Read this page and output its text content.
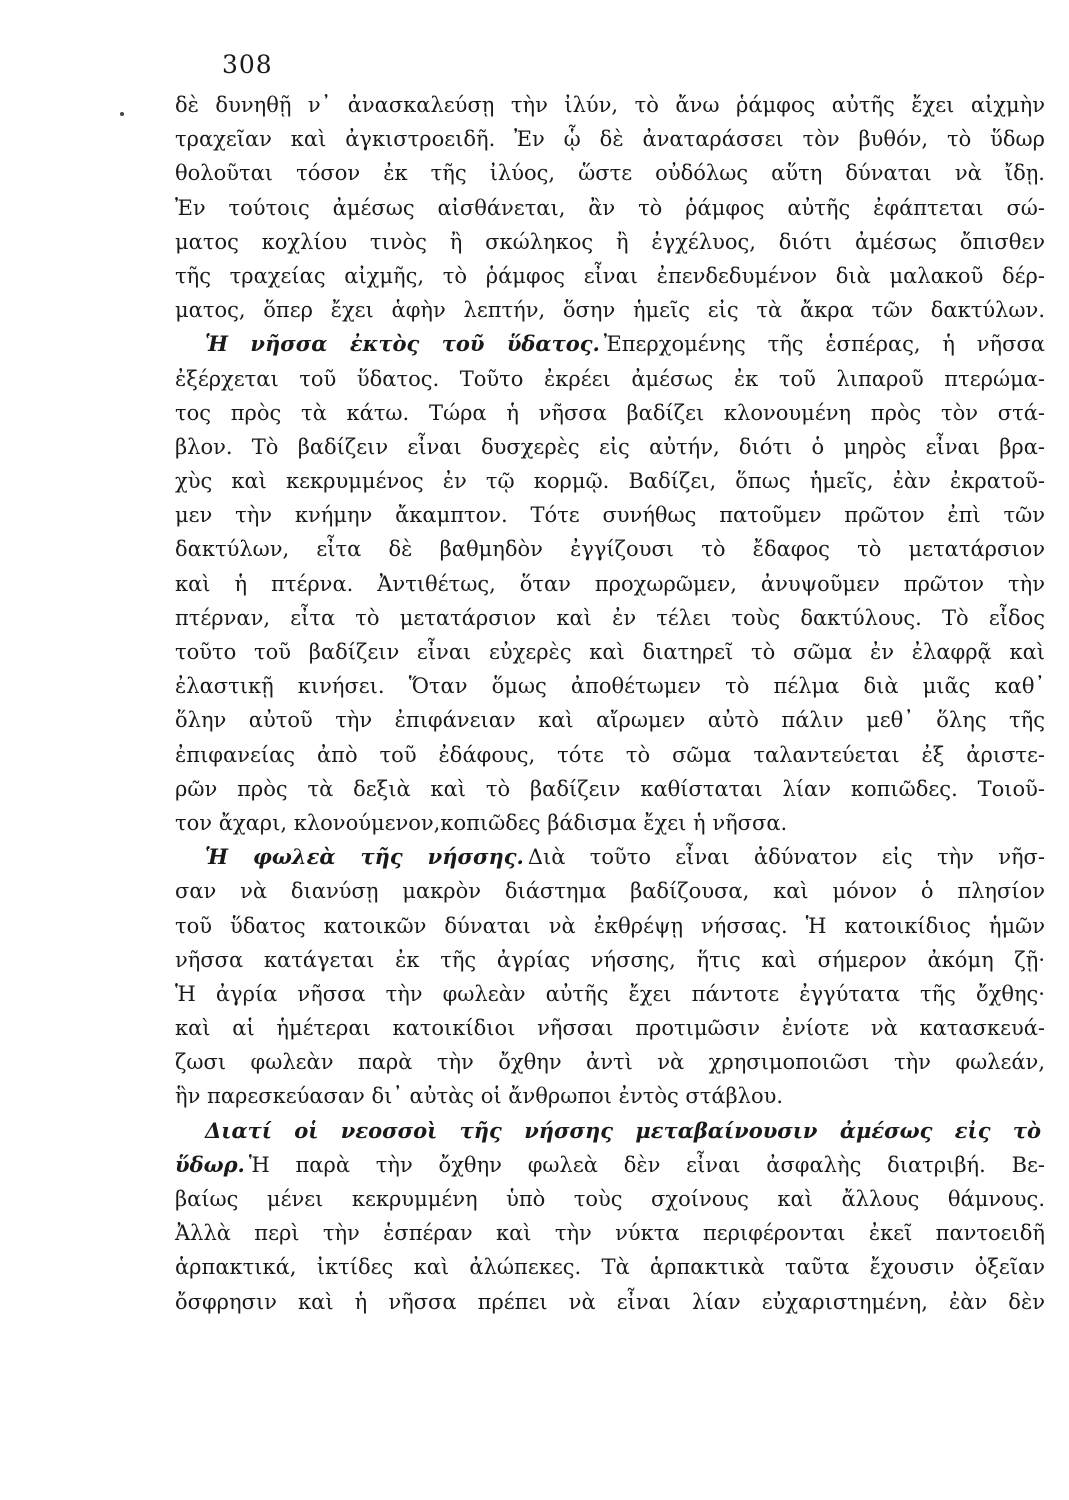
308
δὲ δυνηθῇ ν᾽ ἀνασκαλεύσῃ τὴν ἰλύν, τὸ ἄνω ῥάμφος αὐτῆς ἔχει αἰχμὴν
τραχεῖαν καὶ ἀγκιστροειδῆ. Ἐν ᾧ δὲ ἀναταράσσει τὸν βυθόν, τὸ ὕδωρ
θολοῦται τόσον ἐκ τῆς ἰλύος, ὥστε οὐδόλως αὕτη δύναται νὰ ἴδῃ.
Ἐν τούτοις ἀμέσως αἰσθάνεται, ἂν τὸ ῥάμφος αὐτῆς ἐφάπτεται σώ-
ματος κοχλίου τινὸς ἢ σκώληκος ἢ ἐγχέλυος, διότι ἀμέσως ὄπισθεν
τῆς τραχείας αἰχμῆς, τὸ ῥάμφος εἶναι ἐπενδεδυμένον διὰ μαλακοῦ δέρ-
ματος, ὅπερ ἔχει ἁφὴν λεπτήν, ὅσην ἡμεῖς εἰς τὰ ἄκρα τῶν δακτύλων.
Ἡ νῆσσα ἐκτὸς τοῦ ὕδατος. Ἐπερχομένης τῆς ἑσπέρας, ἡ νῆσσα
ἐξέρχεται τοῦ ὕδατος. Τοῦτο ἐκρέει ἀμέσως ἐκ τοῦ λιπαροῦ πτερώμα-
τος πρὸς τὰ κάτω. Τώρα ἡ νῆσσα βαδίζει κλονουμένη πρὸς τὸν στά-
βλον. Τὸ βαδίζειν εἶναι δυσχερὲς εἰς αὐτήν, διότι ὁ μηρὸς εἶναι βρα-
χὺς καὶ κεκρυμμένος ἐν τῷ κορμῷ. Βαδίζει, ὅπως ἡμεῖς, ἐὰν ἐκρατοῦ-
μεν τὴν κνήμην ἄκαμπτον. Τότε συνήθως πατοῦμεν πρῶτον ἐπὶ τῶν
δακτύλων, εἶτα δὲ βαθμηδὸν ἐγγίζουσι τὸ ἔδαφος τὸ μετατάρσιον
καὶ ἡ πτέρνα. Ἀντιθέτως, ὅταν προχωρῶμεν, ἀνυψοῦμεν πρῶτον τὴν
πτέρναν, εἶτα τὸ μετατάρσιον καὶ ἐν τέλει τοὺς δακτύλους. Τὸ εἶδος
τοῦτο τοῦ βαδίζειν εἶναι εὐχερὲς καὶ διατηρεῖ τὸ σῶμα ἐν ἐλαφρᾷ καὶ
ἐλαστικῇ κινήσει. Ὅταν ὅμως ἀποθέτωμεν τὸ πέλμα διὰ μιᾶς καθ᾽
ὅλην αὐτοῦ τὴν ἐπιφάνειαν καὶ αἴρωμεν αὐτὸ πάλιν μεθ᾽ ὅλης τῆς
ἐπιφανείας ἀπὸ τοῦ ἐδάφους, τότε τὸ σῶμα ταλαντεύεται ἐξ ἀριστε-
ρῶν πρὸς τὰ δεξιὰ καὶ τὸ βαδίζειν καθίσταται λίαν κοπιῶδες. Τοιοῦ-
τον ἄχαρι, κλονούμενον,κοπιῶδες βάδισμα ἔχει ἡ νῆσσα.
Ἡ φωλεὰ τῆς νήσσης. Διὰ τοῦτο εἶναι ἀδύνατον εἰς τὴν νῆσ-
σαν νὰ διανύσῃ μακρὸν διάστημα βαδίζουσα, καὶ μόνον ὁ πλησίον
τοῦ ὕδατος κατοικῶν δύναται νὰ ἐκθρέψῃ νήσσας. Ἡ κατοικίδιος ἡμῶν
νῆσσα κατάγεται ἐκ τῆς ἀγρίας νήσσης, ἥτις καὶ σήμερον ἀκόμη ζῇ·
Ἡ ἀγρία νῆσσα τὴν φωλεὰν αὐτῆς ἔχει πάντοτε ἐγγύτατα τῆς ὄχθης·
καὶ αἱ ἡμέτεραι κατοικίδιοι νῆσσαι προτιμῶσιν ἐνίοτε νὰ κατασκευά-
ζωσι φωλεὰν παρὰ τὴν ὄχθην ἀντὶ νὰ χρησιμοποιῶσι τὴν φωλεάν,
ἣν παρεσκεύασαν δι᾽ αὐτὰς οἱ ἄνθρωποι ἐντὸς στάβλου.
Διατί οἱ νεοσσοὶ τῆς νήσσης μεταβαίνουσιν ἀμέσως εἰς τὸ
ὕδωρ. Ἡ παρὰ τὴν ὄχθην φωλεὰ δὲν εἶναι ἀσφαλὴς διατριβή. Βε-
βαίως μένει κεκρυμμένη ὑπὸ τοὺς σχοίνους καὶ ἄλλους θάμνους.
Ἀλλὰ περὶ τὴν ἑσπέραν καὶ τὴν νύκτα περιφέρονται ἐκεῖ παντοειδῆ
ἁρπακτικά, ἰκτίδες καὶ ἀλώπεκες. Τὰ ἁρπακτικὰ ταῦτα ἔχουσιν ὀξεῖαν
ὄσφρησιν καὶ ἡ νῆσσα πρέπει νὰ εἶναι λίαν εὐχαριστημένη, ἐὰν δὲν
